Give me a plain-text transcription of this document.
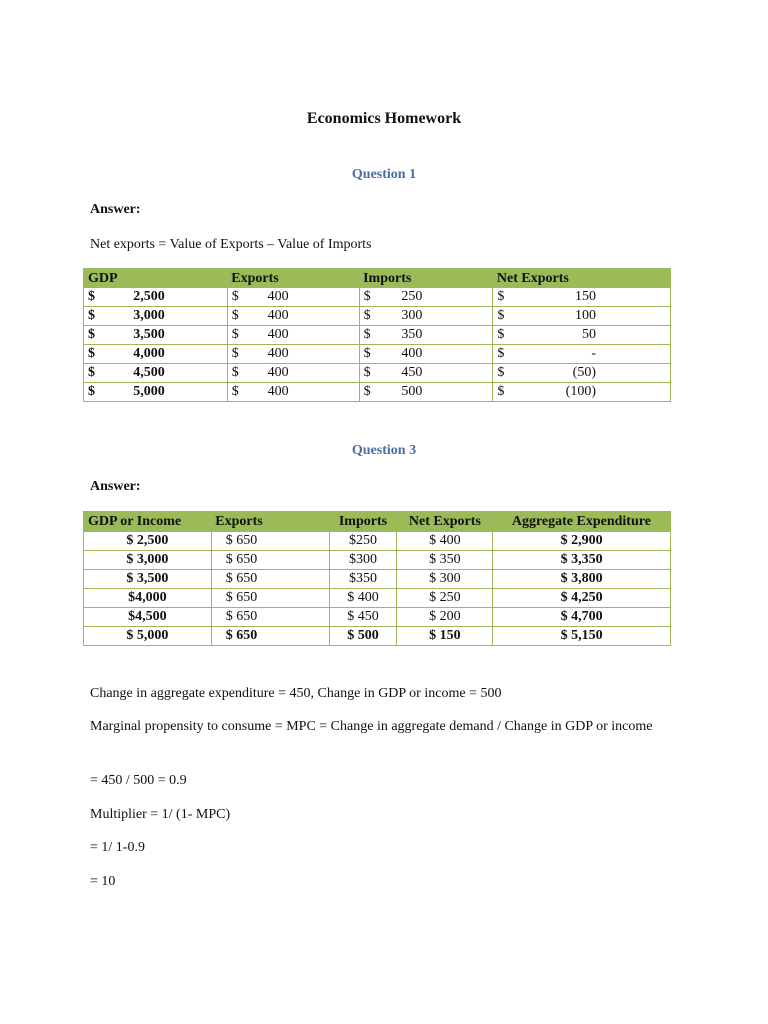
Economics Homework
Question 1
Answer:
Net exports = Value of Exports – Value of Imports
GDP	Exports	Imports	Net Exports

$ 2,500	$ 400	$ 250	$ 150

$ 3,000	$ 400	$ 300	$ 100

$ 3,500	$ 400	$ 350	$ 50

$ 4,000	$ 400	$ 400	$ -

$ 4,500	$ 400	$ 450	$ (50)

$ 5,000	$ 400	$ 500	$ (100)
Question 3
Answer:
GDP or Income	Exports	Imports	Net Exports	Aggregate Expenditure
$ 2,500	$ 650	$250	$ 400	$ 2,900
$ 3,000	$ 650	$300	$ 350	$ 3,350
$ 3,500	$ 650	$350	$ 300	$ 3,800
$4,000	$ 650	$ 400	$ 250	$ 4,250
$4,500	$ 650	$ 450	$ 200	$ 4,700
$ 5,000	$ 650	$ 500	$ 150	$ 5,150
Change in aggregate expenditure = 450, Change in GDP or income = 500
Marginal propensity to consume = MPC = Change in aggregate demand / Change in GDP or income
= 450 / 500 = 0.9
Multiplier = 1/ (1- MPC)
= 1/ 1-0.9
= 10
